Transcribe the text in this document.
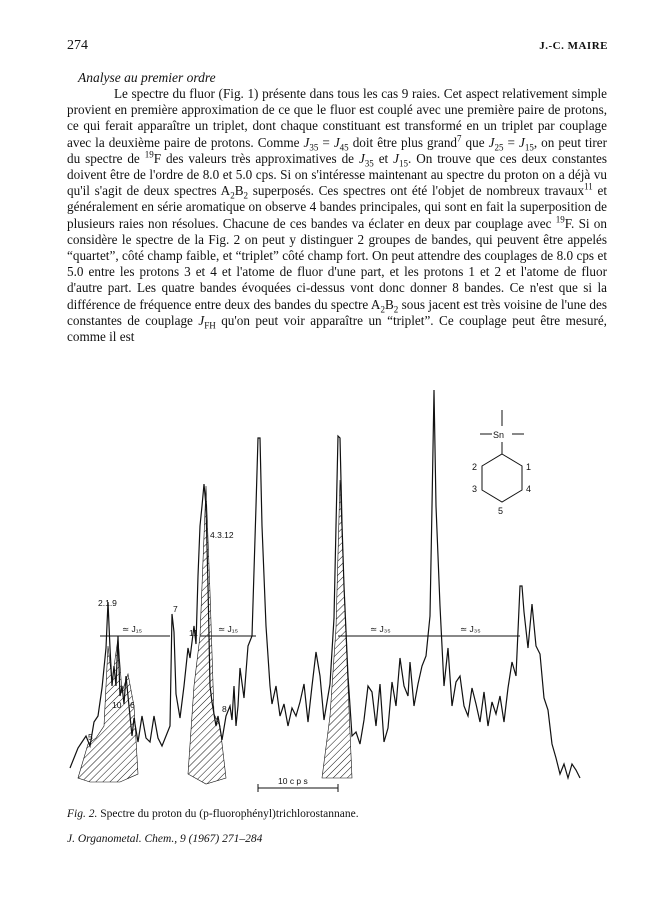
274	J.-C. MAIRE
Analyse au premier ordre

Le spectre du fluor (Fig. 1) présente dans tous les cas 9 raies. Cet aspect relativement simple provient en première approximation de ce que le fluor est couplé avec une première paire de protons, ce qui ferait apparaître un triplet, dont chaque constituant est transformé en un triplet par couplage avec la deuxième paire de protons. Comme $J_{35} = J_{45}$ doit être plus grand$^7$ que $J_{25} = J_{15}$, on peut tirer du spectre de $^{19}$F des valeurs très approximatives de $J_{35}$ et $J_{15}$. On trouve que ces deux constantes doivent être de l'ordre de 8.0 et 5.0 cps. Si on s'intéresse maintenant au spectre du proton on a déjà vu qu'il s'agit de deux spectres $A_2B_2$ superposés. Ces spectres ont été l'objet de nombreux travaux$^{11}$ et généralement en série aromatique on observe 4 bandes principales, qui sont en fait la superposition de plusieurs raies non résolues. Chacune de ces bandes va éclater en deux par couplage avec $^{19}$F. Si on considère le spectre de la Fig. 2 on peut y distinguer 2 groupes de bandes, qui peuvent être appelés “quartet”, côté champ faible, et “triplet” côté champ fort. On peut attendre des couplages de 8.0 cps et 5.0 entre les protons 3 et 4 et l'atome de fluor d'une part, et les protons 1 et 2 et l'atome de fluor d'autre part. Les quatre bandes évoquées ci-dessus vont donc donner 8 bandes. Ce n'est que si la différence de fréquence entre deux des bandes du spectre $A_2B_2$ sous jacent est très voisine de l'une des constantes de couplage $J_{FH}$ qu'on peut voir apparaître un “triplet”. Ce couplage peut être mesuré, comme il est

≃ J₁₅	≃ J₁₅	≃ J₃₅	≃ J₃₅
5
2.1.9
10 6
7
11
4.3.12
8
10 c p s
Sn
1
2
3	4
5
Fig. 2. Spectre du proton du (p-fluorophényl)trichlorostannane.
J. Organometal. Chem., 9 (1967) 271–284
